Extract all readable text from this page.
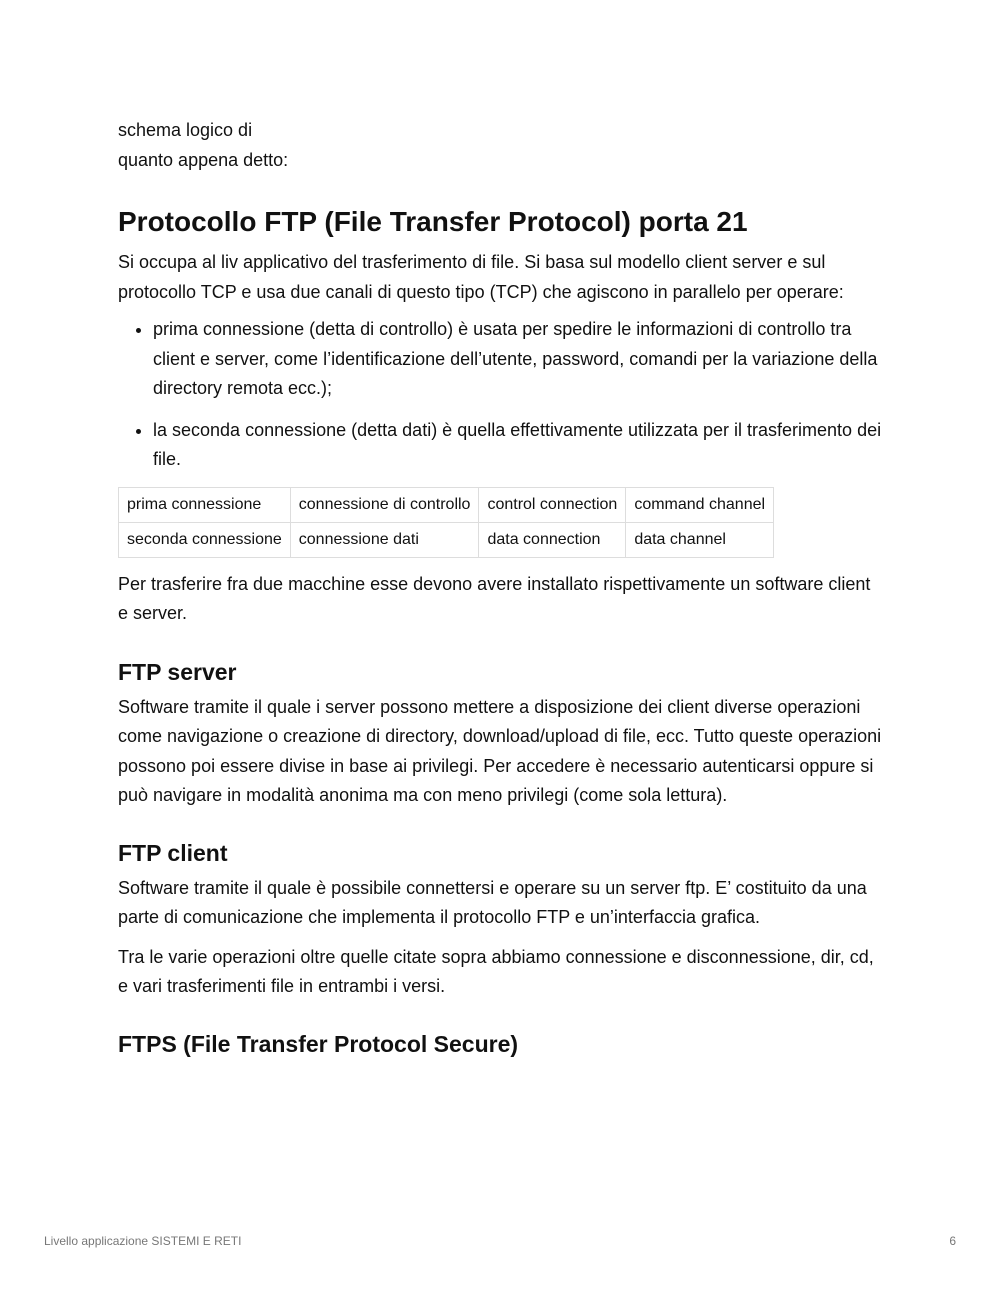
schema logico di
quanto appena detto:

Protocollo FTP (File Transfer Protocol) porta 21

Si occupa al liv applicativo del trasferimento di file. Si basa sul modello client server e sul protocollo TCP e usa due canali di questo tipo (TCP) che agiscono in parallelo per operare:

• prima connessione (detta di controllo) è usata per spedire le informazioni di controllo tra client e server, come l’identificazione dell’utente, password, comandi per la variazione della directory remota ecc.);
• la seconda connessione (detta dati) è quella effettivamente utilizzata per il trasferimento dei file.
prima connessione	connessione di controllo	control connection	command channel
seconda connessione	connessione dati	data connection	data channel

Per trasferire fra due macchine esse devono avere installato rispettivamente un software client e server.

FTP server

Software tramite il quale i server possono mettere a disposizione dei client diverse operazioni come navigazione o creazione di directory, download/upload di file, ecc. Tutto queste operazioni possono poi essere divise in base ai privilegi. Per accedere è necessario autenticarsi oppure si può navigare in modalità anonima ma con meno privilegi (come sola lettura).

FTP client

Software tramite il quale è possibile connettersi e operare su un server ftp. E’ costituito da una parte di comunicazione che implementa il protocollo FTP e un’interfaccia grafica.

Tra le varie operazioni oltre quelle citate sopra abbiamo connessione e disconnessione, dir, cd, e vari trasferimenti file in entrambi i versi.

FTPS (File Transfer Protocol Secure)
Livello applicazione SISTEMI E RETI	6
